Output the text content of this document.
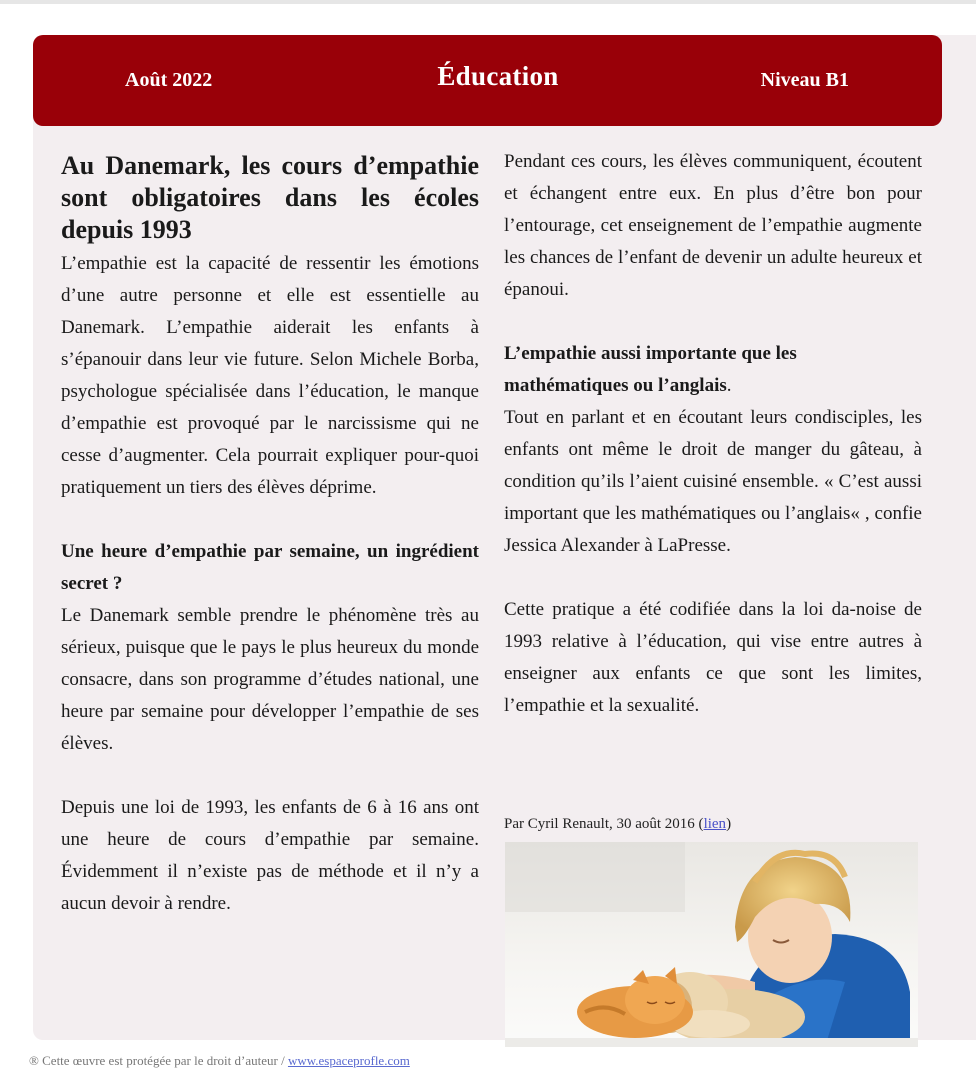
Août 2022	Éducation	Niveau B1
Au Danemark, les cours d’empathie sont obligatoires dans les écoles depuis 1993

L’empathie est la capacité de ressentir les émotions d’une autre personne et elle est essentielle au Danemark. L’empathie aiderait les enfants à s’épanouir dans leur vie future. Selon Michele Borba, psychologue spécialisée dans l’éducation, le manque d’empathie est provoqué par le narcissisme qui ne cesse d’augmenter. Cela pourrait expliquer pour-quoi pratiquement un tiers des élèves déprime.

Une heure d’empathie par semaine, un ingrédient secret ?

Le Danemark semble prendre le phénomène très au sérieux, puisque que le pays le plus heureux du monde consacre, dans son programme d’études national, une heure par semaine pour développer l’empathie de ses élèves.

Depuis une loi de 1993, les enfants de 6 à 16 ans ont une heure de cours d’empathie par semaine. Évidemment il n’existe pas de méthode et il n’y a aucun devoir à rendre.

Pendant ces cours, les élèves communiquent, écoutent et échangent entre eux. En plus d’être bon pour l’entourage, cet enseignement de l’empathie augmente les chances de l’enfant de devenir un adulte heureux et épanoui.

L’empathie aussi importante que les mathématiques ou l’anglais.

Tout en parlant et en écoutant leurs condisciples, les enfants ont même le droit de manger du gâteau, à condition qu’ils l’aient cuisiné ensemble. « C’est aussi important que les mathématiques ou l’anglais« , confie Jessica Alexander à LaPresse.

Cette pratique a été codifiée dans la loi da-noise de 1993 relative à l’éducation, qui vise entre autres à enseigner aux enfants ce que sont les limites, l’empathie et la sexualité.

Par Cyril Renault, 30 août 2016 (lien)
® Cette œuvre est protégée par le droit d’auteur / www.espaceprofle.com
